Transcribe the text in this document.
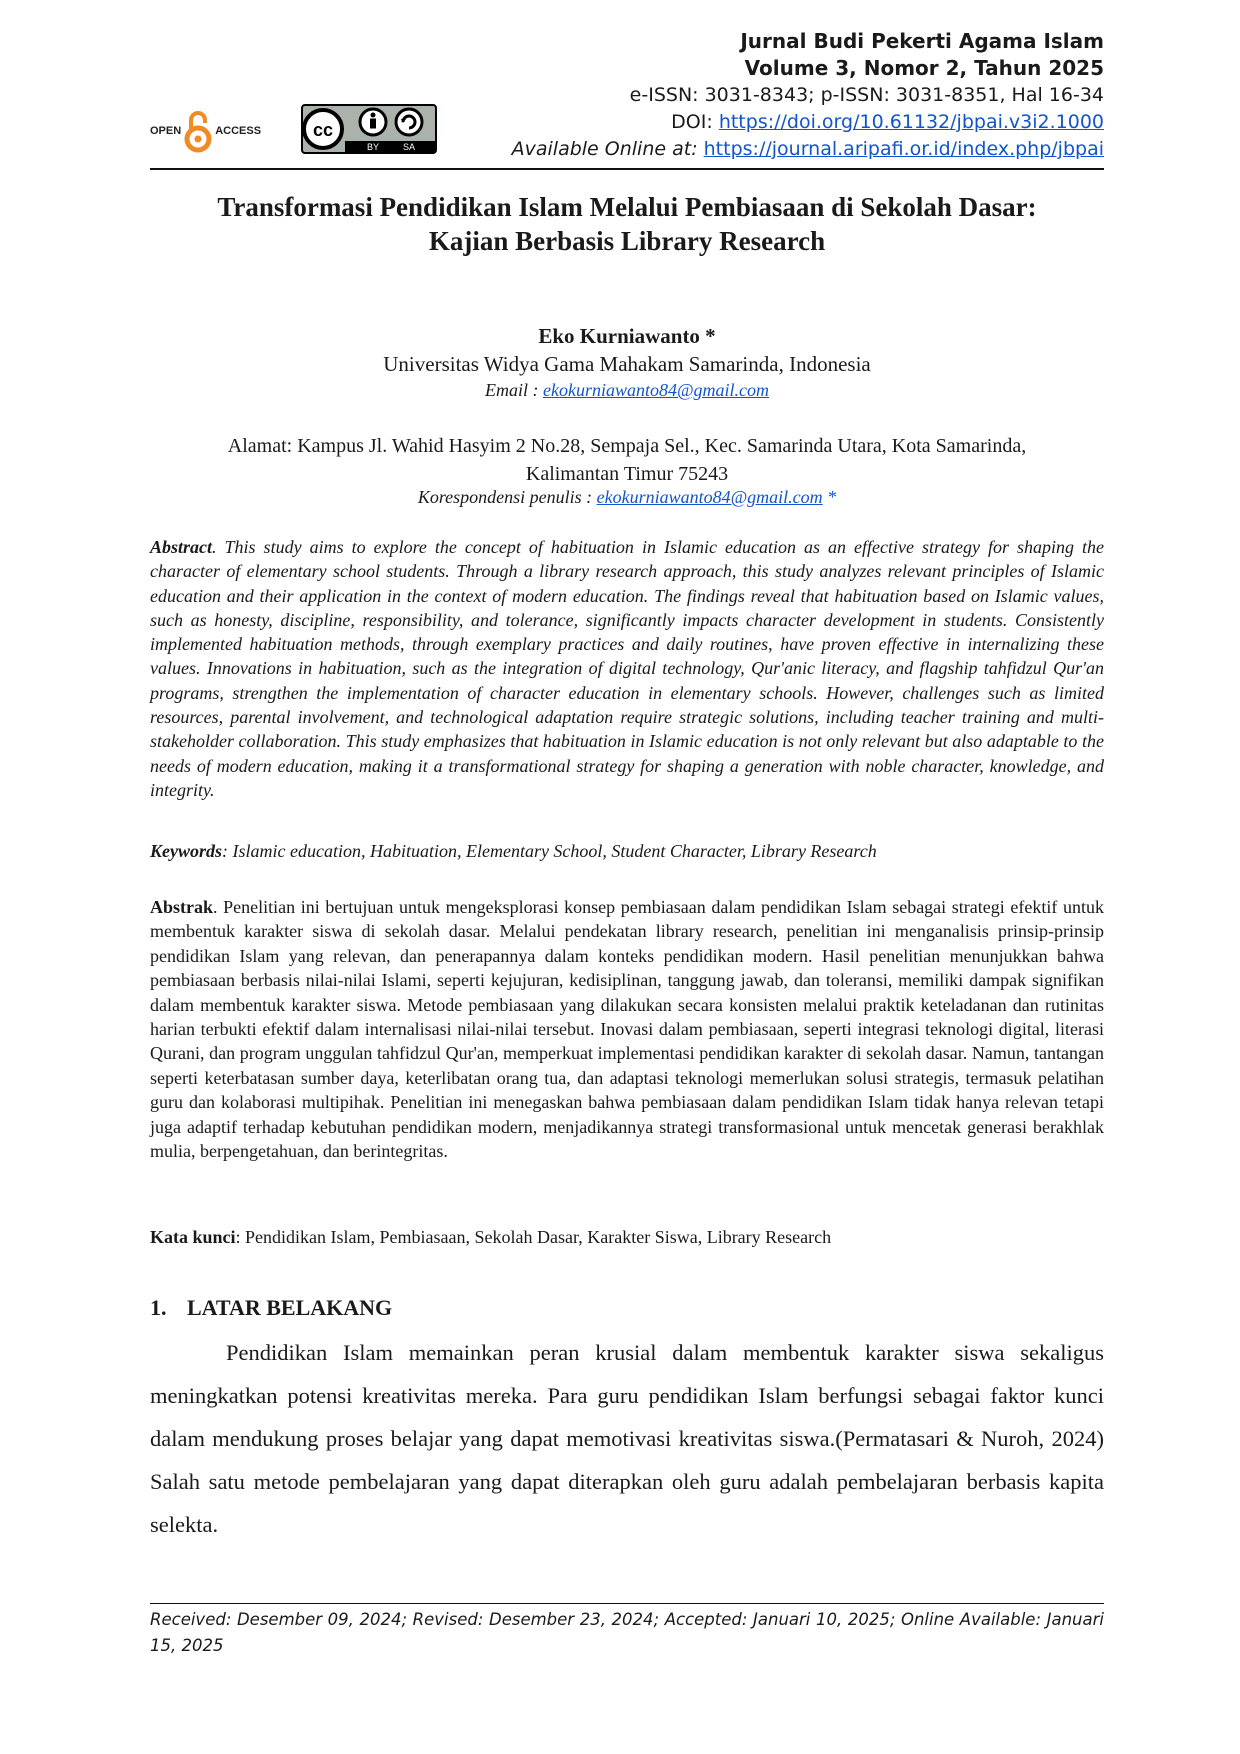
Jurnal Budi Pekerti Agama Islam
Volume 3, Nomor 2, Tahun 2025
e-ISSN: 3031-8343; p-ISSN: 3031-8351, Hal 16-34
DOI: https://doi.org/10.61132/jbpai.v3i2.1000
Available Online at: https://journal.aripafi.or.id/index.php/jbpai
OPEN	ACCESS	cc
BY	SA
Transformasi Pendidikan Islam Melalui Pembiasaan di Sekolah Dasar:
Kajian Berbasis Library Research
Eko Kurniawanto *
Universitas Widya Gama Mahakam Samarinda, Indonesia
Email : ekokurniawanto84@gmail.com
Alamat: Kampus Jl. Wahid Hasyim 2 No.28, Sempaja Sel., Kec. Samarinda Utara, Kota Samarinda,
Kalimantan Timur 75243
Korespondensi penulis : ekokurniawanto84@gmail.com *
Abstract. This study aims to explore the concept of habituation in Islamic education as an effective strategy for shaping the character of elementary school students. Through a library research approach, this study analyzes relevant principles of Islamic education and their application in the context of modern education. The findings reveal that habituation based on Islamic values, such as honesty, discipline, responsibility, and tolerance, significantly impacts character development in students. Consistently implemented habituation methods, through exemplary practices and daily routines, have proven effective in internalizing these values. Innovations in habituation, such as the integration of digital technology, Qur'anic literacy, and flagship tahfidzul Qur'an programs, strengthen the implementation of character education in elementary schools. However, challenges such as limited resources, parental involvement, and technological adaptation require strategic solutions, including teacher training and multi-stakeholder collaboration. This study emphasizes that habituation in Islamic education is not only relevant but also adaptable to the needs of modern education, making it a transformational strategy for shaping a generation with noble character, knowledge, and integrity.
Keywords: Islamic education, Habituation, Elementary School, Student Character, Library Research
Abstrak. Penelitian ini bertujuan untuk mengeksplorasi konsep pembiasaan dalam pendidikan Islam sebagai strategi efektif untuk membentuk karakter siswa di sekolah dasar. Melalui pendekatan library research, penelitian ini menganalisis prinsip-prinsip pendidikan Islam yang relevan, dan penerapannya dalam konteks pendidikan modern. Hasil penelitian menunjukkan bahwa pembiasaan berbasis nilai-nilai Islami, seperti kejujuran, kedisiplinan, tanggung jawab, dan toleransi, memiliki dampak signifikan dalam membentuk karakter siswa. Metode pembiasaan yang dilakukan secara konsisten melalui praktik keteladanan dan rutinitas harian terbukti efektif dalam internalisasi nilai-nilai tersebut. Inovasi dalam pembiasaan, seperti integrasi teknologi digital, literasi Qurani, dan program unggulan tahfidzul Qur'an, memperkuat implementasi pendidikan karakter di sekolah dasar. Namun, tantangan seperti keterbatasan sumber daya, keterlibatan orang tua, dan adaptasi teknologi memerlukan solusi strategis, termasuk pelatihan guru dan kolaborasi multipihak. Penelitian ini menegaskan bahwa pembiasaan dalam pendidikan Islam tidak hanya relevan tetapi juga adaptif terhadap kebutuhan pendidikan modern, menjadikannya strategi transformasional untuk mencetak generasi berakhlak mulia, berpengetahuan, dan berintegritas.
Kata kunci: Pendidikan Islam, Pembiasaan, Sekolah Dasar, Karakter Siswa, Library Research
1. LATAR BELAKANG
Pendidikan Islam memainkan peran krusial dalam membentuk karakter siswa sekaligus meningkatkan potensi kreativitas mereka. Para guru pendidikan Islam berfungsi sebagai faktor kunci dalam mendukung proses belajar yang dapat memotivasi kreativitas siswa.(Permatasari & Nuroh, 2024) Salah satu metode pembelajaran yang dapat diterapkan oleh guru adalah pembelajaran berbasis kapita selekta.
Received: Desember 09, 2024; Revised: Desember 23, 2024; Accepted: Januari 10, 2025; Online Available: Januari 15, 2025
